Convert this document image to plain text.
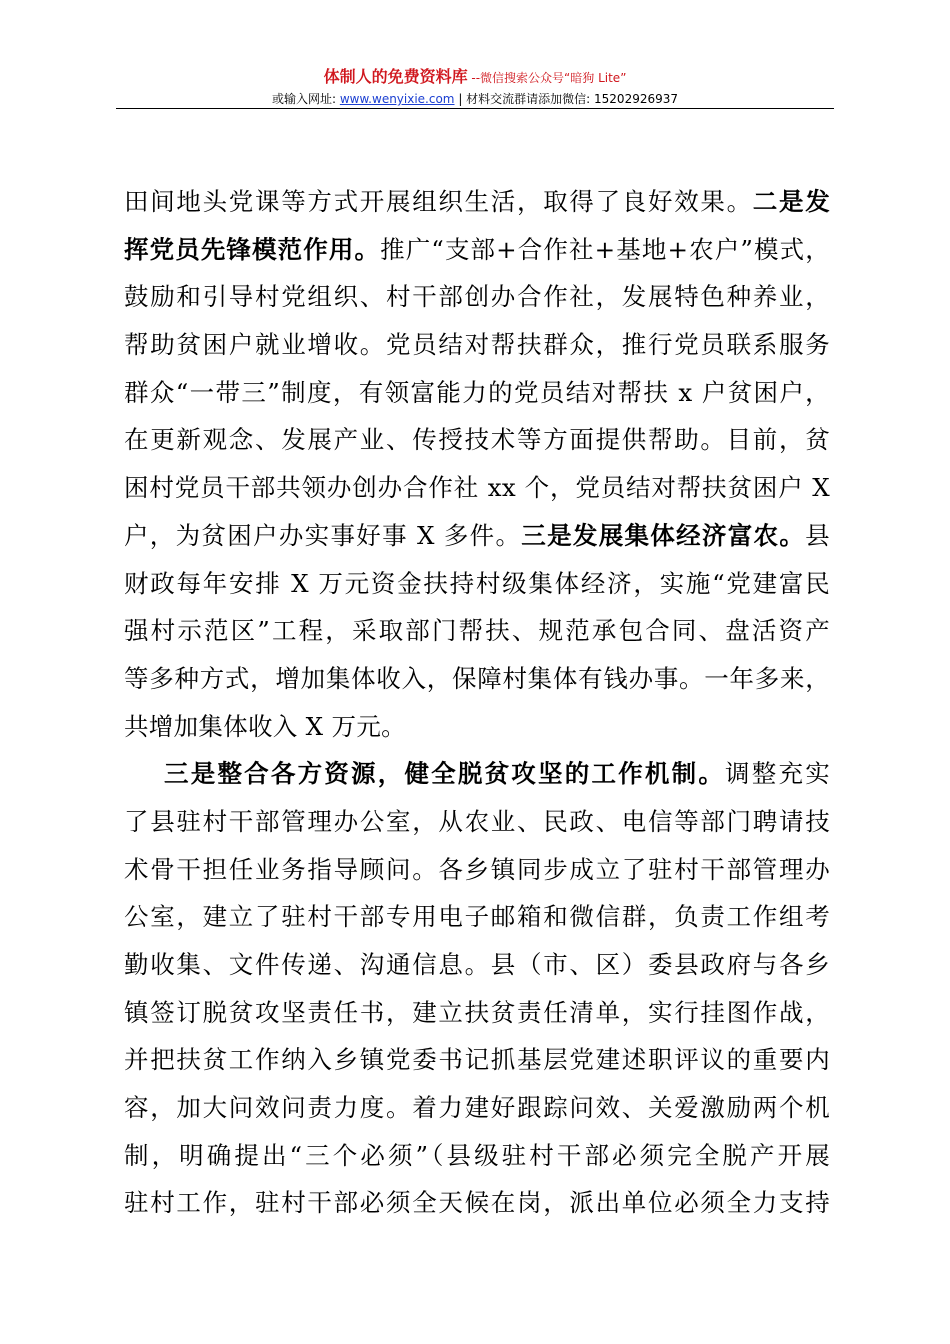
体制人的免费资料库 --微信搜索公众号“暗狗 Lite”
或输入网址: www.wenyixie.com | 材料交流群请添加微信: 15202926937
田间地头党课等方式开展组织生活，取得了良好效果。二是发
挥党员先锋模范作用。推广“支部+合作社+基地+农户”模式，
鼓励和引导村党组织、村干部创办合作社，发展特色种养业，
帮助贫困户就业增收。党员结对帮扶群众，推行党员联系服务
群众“一带三”制度，有领富能力的党员结对帮扶 x 户贫困户，
在更新观念、发展产业、传授技术等方面提供帮助。目前，贫
困村党员干部共领办创办合作社 xx 个，党员结对帮扶贫困户 X
户，为贫困户办实事好事 X 多件。三是发展集体经济富农。县
财政每年安排 X 万元资金扶持村级集体经济，实施“党建富民
强村示范区”工程，采取部门帮扶、规范承包合同、盘活资产
等多种方式，增加集体收入，保障村集体有钱办事。一年多来，
共增加集体收入 X 万元。
三是整合各方资源，健全脱贫攻坚的工作机制。调整充实
了县驻村干部管理办公室，从农业、民政、电信等部门聘请技
术骨干担任业务指导顾问。各乡镇同步成立了驻村干部管理办
公室，建立了驻村干部专用电子邮箱和微信群，负责工作组考
勤收集、文件传递、沟通信息。县（市、区）委县政府与各乡
镇签订脱贫攻坚责任书，建立扶贫责任清单，实行挂图作战，
并把扶贫工作纳入乡镇党委书记抓基层党建述职评议的重要内
容，加大问效问责力度。着力建好跟踪问效、关爱激励两个机
制，明确提出“三个必须”（县级驻村干部必须完全脱产开展
驻村工作，驻村干部必须全天候在岗，派出单位必须全力支持
